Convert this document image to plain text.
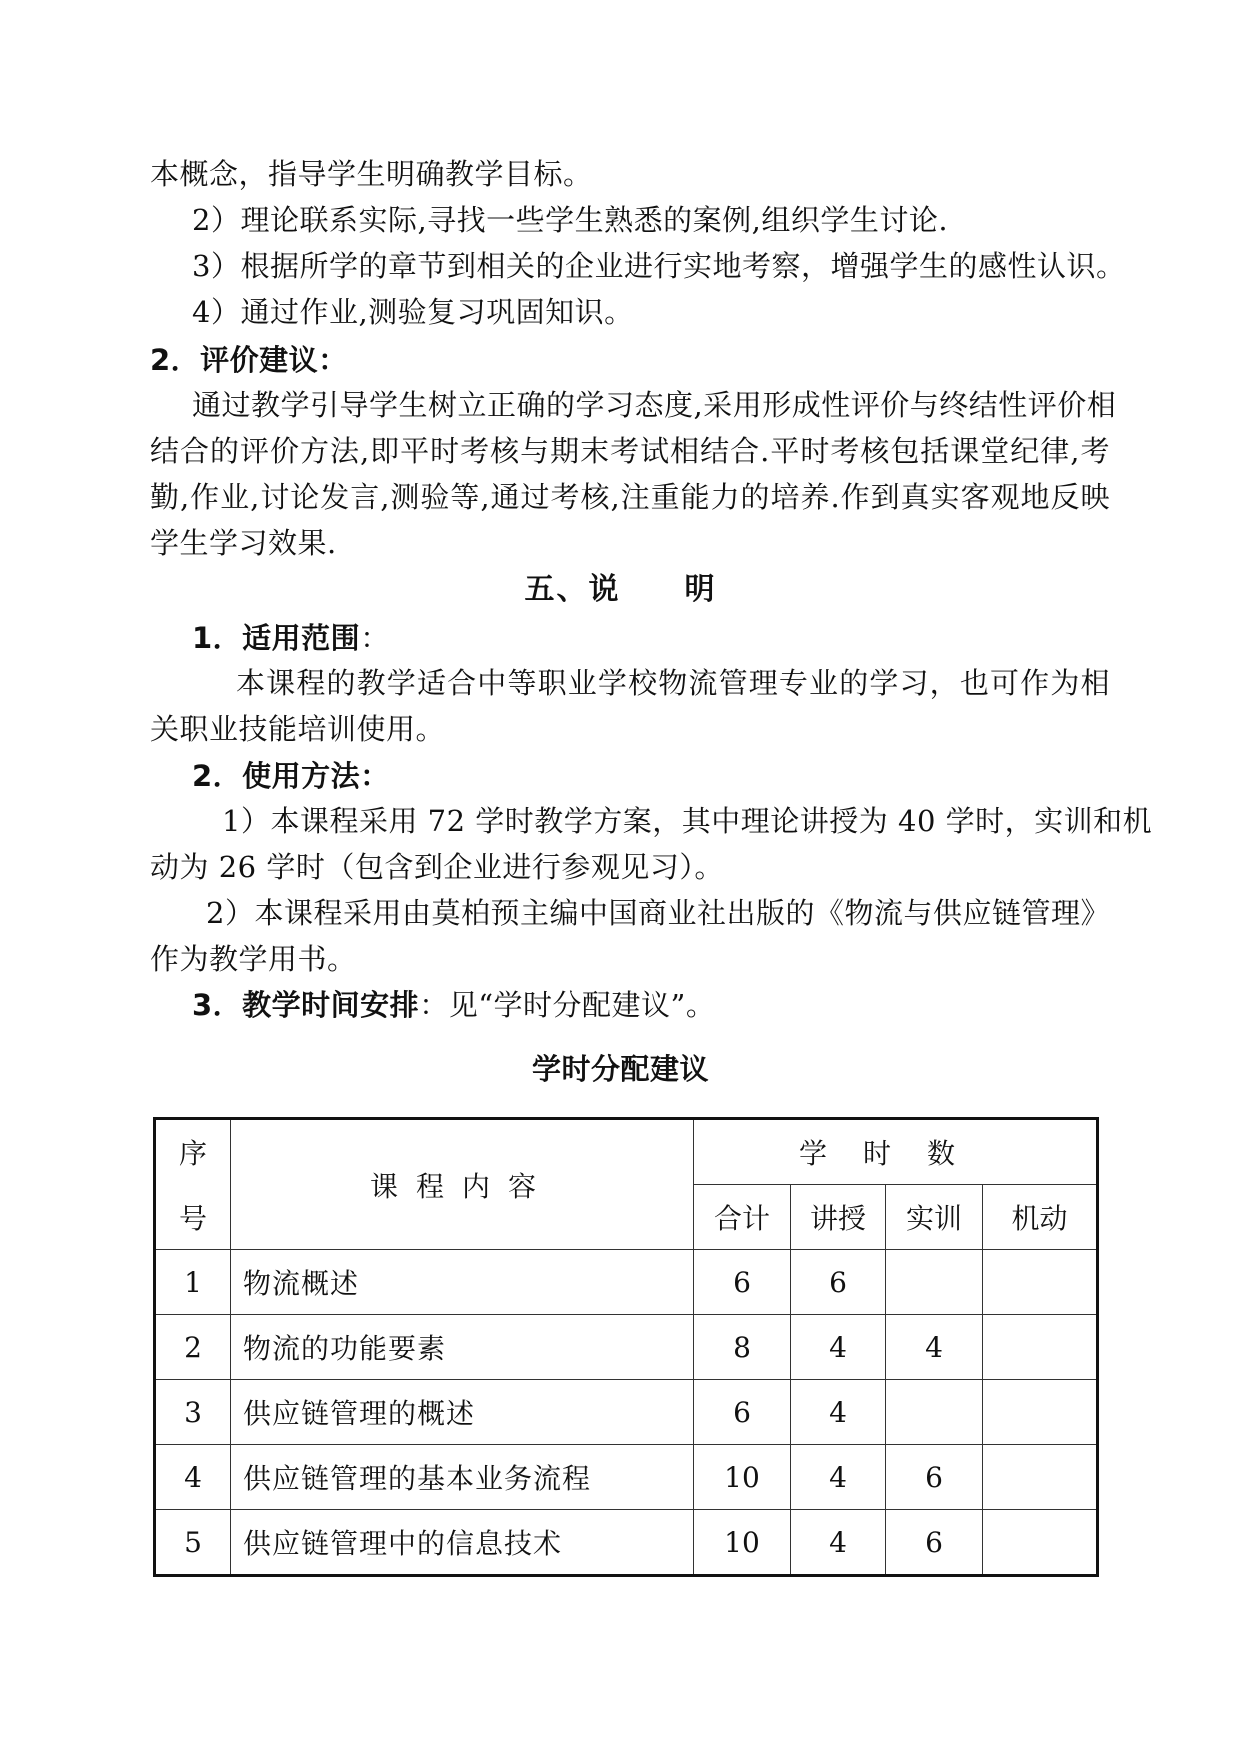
本概念，指导学生明确教学目标。
2）理论联系实际,寻找一些学生熟悉的案例,组织学生讨论.
3）根据所学的章节到相关的企业进行实地考察，增强学生的感性认识。
4）通过作业,测验复习巩固知识。
2．评价建议：
通过教学引导学生树立正确的学习态度,采用形成性评价与终结性评价相
结合的评价方法,即平时考核与期末考试相结合.平时考核包括课堂纪律,考
勤,作业,讨论发言,测验等,通过考核,注重能力的培养.作到真实客观地反映
学生学习效果.
五、说　　明
1．适用范围：
本课程的教学适合中等职业学校物流管理专业的学习，也可作为相
关职业技能培训使用。
2．使用方法：
1）本课程采用 72 学时教学方案，其中理论讲授为 40 学时，实训和机
动为 26 学时（包含到企业进行参观见习）。
2）本课程采用由莫柏预主编中国商业社出版的《物流与供应链管理》
作为教学用书。
3．教学时间安排：见“学时分配建议”。
学时分配建议
序	课程内容	学时数			
号		合计	讲授	实训	机动
1	物流概述	6	6		
2	物流的功能要素	8	4	4	
3	供应链管理的概述	6	4		
4	供应链管理的基本业务流程	10	4	6	
5	供应链管理中的信息技术	10	4	6	
